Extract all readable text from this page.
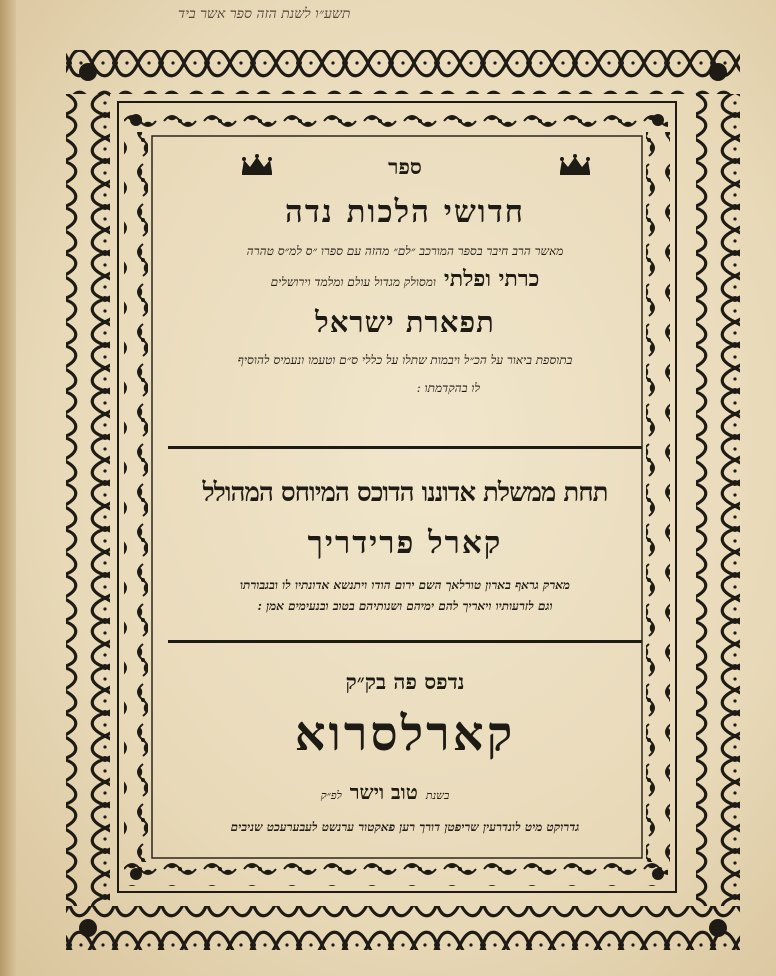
תשע״ו לשנת הזה ספר אשר ביד
ספר
חדושי הלכות נדה
מאשר הרב חיבר בספר המורכב ״לם״ מהזה עם ספרו ״ס למ״ס טהרה
כרתי ופלתי
ומסולק מגדול עולם ומלמד וירושלים
תפארת ישראל
בתוספת ביאור על הכ״ל ויבמות שתלו על כללי ס״ם וטעמו ונעמיס להוסיף
לו בהקדמתו :
תחת ממשלת אדוננו הדוכס המיוחס המהולל
קארל פרידריך
מארק גראף בארון טורלאך השם ירום הודו ויתנשא אדונתיו לו ובגבורתו
וגם לזרעותיו ויאריך להם ימיהם ושנותיהם בטוב ובנעימים אמן :
נדפס פה בק״ק
קארלסרוא
בשנת
טוב וישר
לפ״ק
גדרוקט מיט לונדרעין שריפטן דורך רען פאקטור ערנשט לעבערעכט שניבים
